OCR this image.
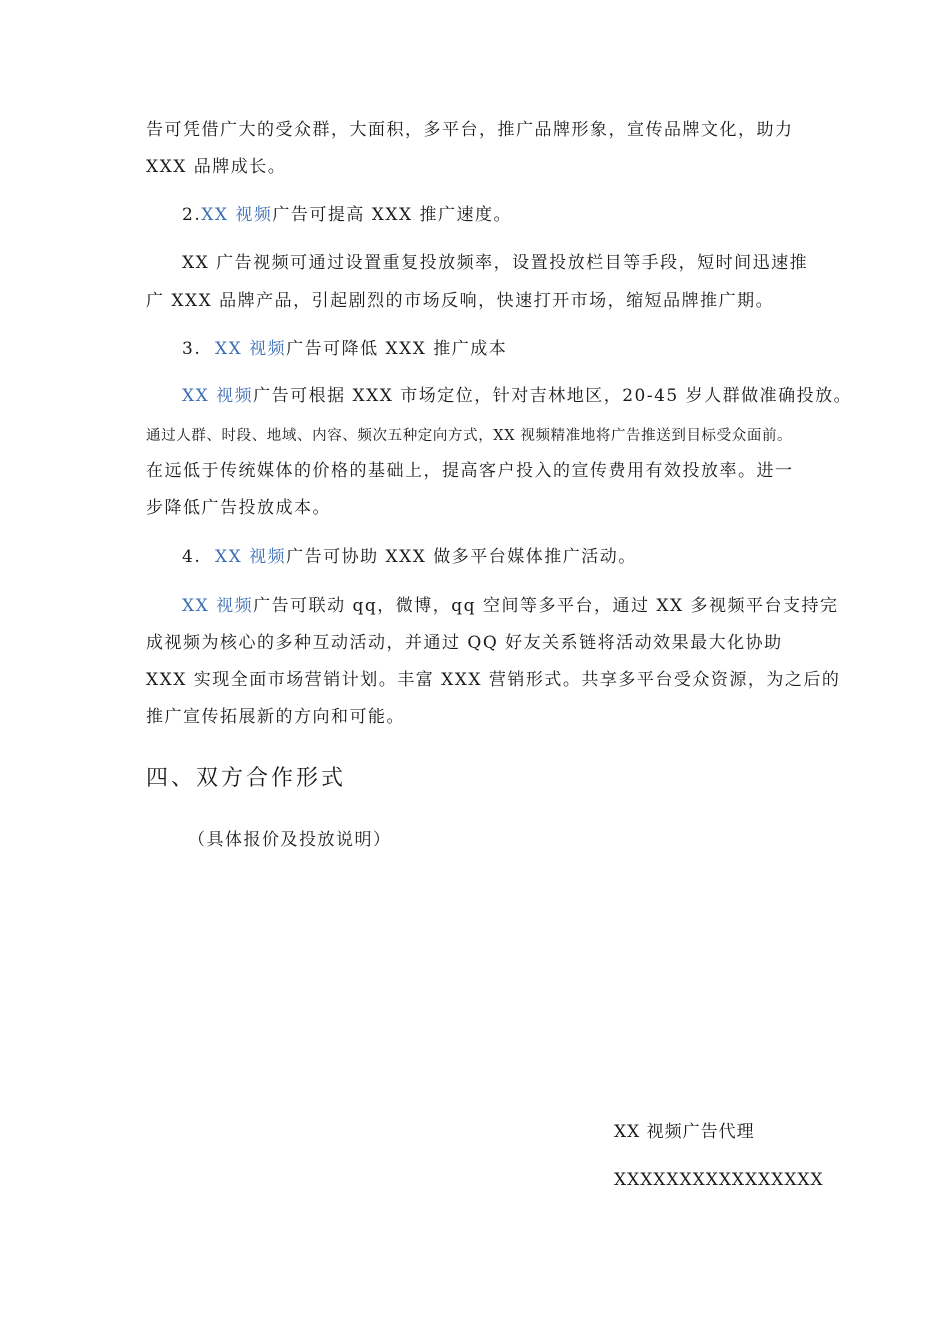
告可凭借广大的受众群，大面积，多平台，推广品牌形象，宣传品牌文化，助力
XXX 品牌成长。
2.XX 视频广告可提高 XXX 推广速度。
XX 广告视频可通过设置重复投放频率，设置投放栏目等手段，短时间迅速推
广 XXX 品牌产品，引起剧烈的市场反响，快速打开市场，缩短品牌推广期。
3. XX 视频广告可降低 XXX 推广成本
XX 视频广告可根据 XXX 市场定位，针对吉林地区，20-45 岁人群做准确投放。
通过人群、时段、地域、内容、频次五种定向方式，XX 视频精准地将广告推送到目标受众面前。
在远低于传统媒体的价格的基础上，提高客户投入的宣传费用有效投放率。进一
步降低广告投放成本。
4. XX 视频广告可协助 XXX 做多平台媒体推广活动。
XX 视频广告可联动 qq，微博，qq 空间等多平台，通过 XX 多视频平台支持完
成视频为核心的多种互动活动，并通过 QQ 好友关系链将活动效果最大化协助
XXX 实现全面市场营销计划。丰富 XXX 营销形式。共享多平台受众资源，为之后的
推广宣传拓展新的方向和可能。
四、双方合作形式
（具体报价及投放说明）
XX 视频广告代理
XXXXXXXXXXXXXXXX
